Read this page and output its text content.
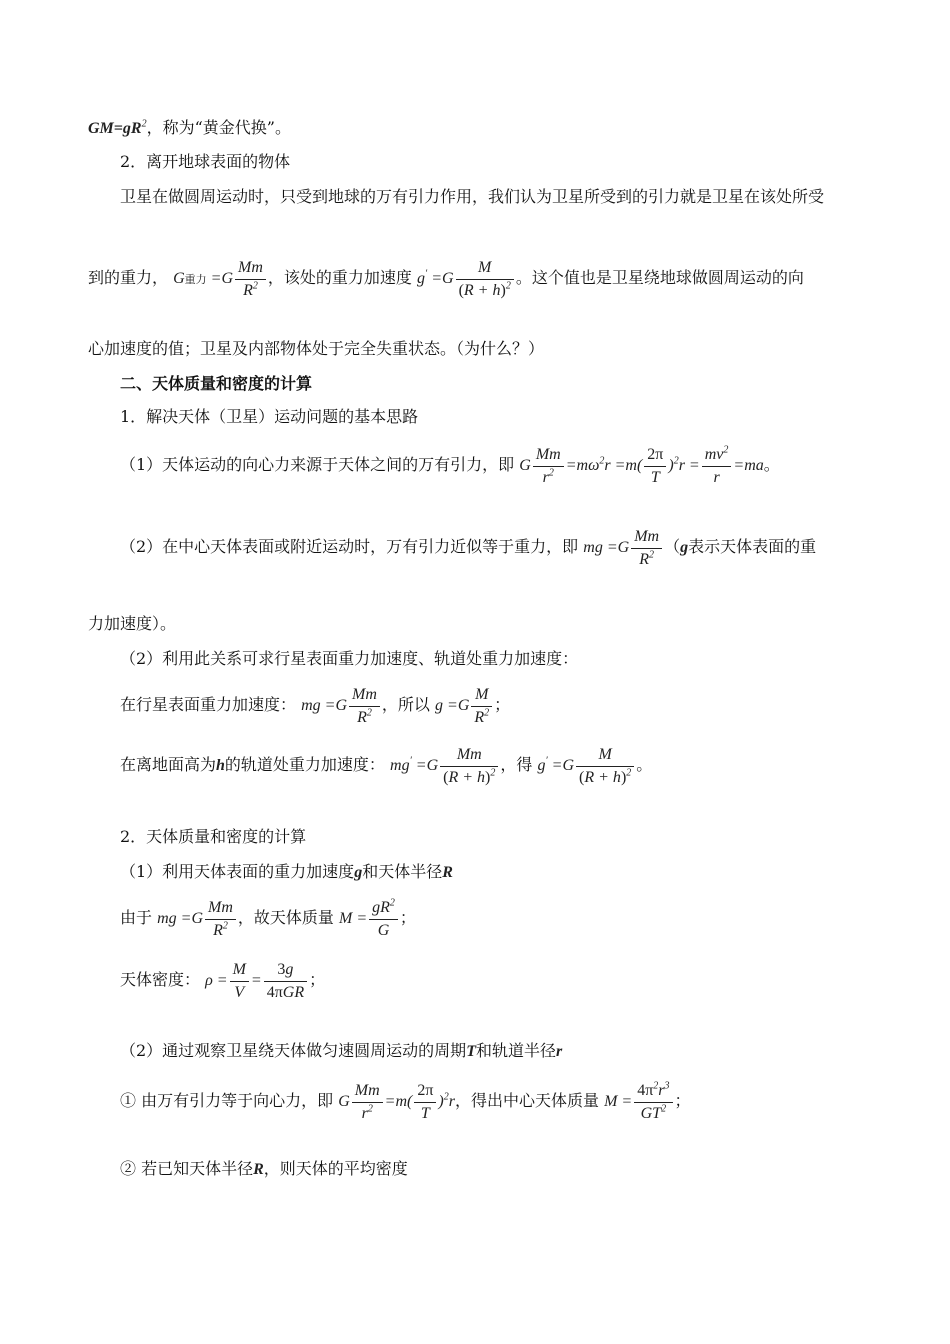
$GM=gR^2$，称为“黄金代换”。
2．离开地球表面的物体
卫星在做圆周运动时，只受到地球的万有引力作用，我们认为卫星所受到的引力就是卫星在该处所受
到的重力， G重力 $=G \frac{Mm}{R^2}$ ，该处的重力加速度 $g' =G \frac{M}{(R + h)^2}$ 。这个值也是卫星绕地球做圆周运动的向
心加速度的值；卫星及内部物体处于完全失重状态。（为什么？）
二、天体质量和密度的计算
1．解决天体（卫星）运动问题的基本思路
（1）天体运动的向心力来源于天体之间的万有引力，即 G $\frac{Mm}{r^2} =m\omega^2r =m( \frac{2\pi}{T} )^2r = \frac{mv^2}{r} =ma$。
（2）在中心天体表面或附近运动时，万有引力近似等于重力，即 mg $=G \frac{Mm}{R^2} (g$表示天体表面的重
力加速度）。
（2）利用此关系可求行星表面重力加速度、轨道处重力加速度：
在行星表面重力加速度： mg $=G \frac{Mm}{R^2}$ ，所以 $g =G \frac{M}{R^2}$ ；
在离地面高为h的轨道处重力加速度： $mg' =G \frac{Mm}{(R + h)^2}$ ，得 $g' =G \frac{M}{(R + h)^2}$ 。
2．天体质量和密度的计算
（1）利用天体表面的重力加速度g和天体半径R
由于 mg $=G \frac{Mm}{R^2}$ ，故天体质量 $M = \frac{gR^2}{G}$ ；
天体密度： $\rho = \frac{M}{V} = \frac{3g}{\text{4πGR}}$ ；
（2）通过观察卫星绕天体做匀速圆周运动的周期T和轨道半径r
① 由万有引力等于向心力，即 G $\frac{Mm}{r^2} =m( \frac{2\pi}{T} )^2r$，得出中心天体质量 $M = \frac{4\pi^2r^3}{GT^2}$ ；
② 若已知天体半径R，则天体的平均密度
